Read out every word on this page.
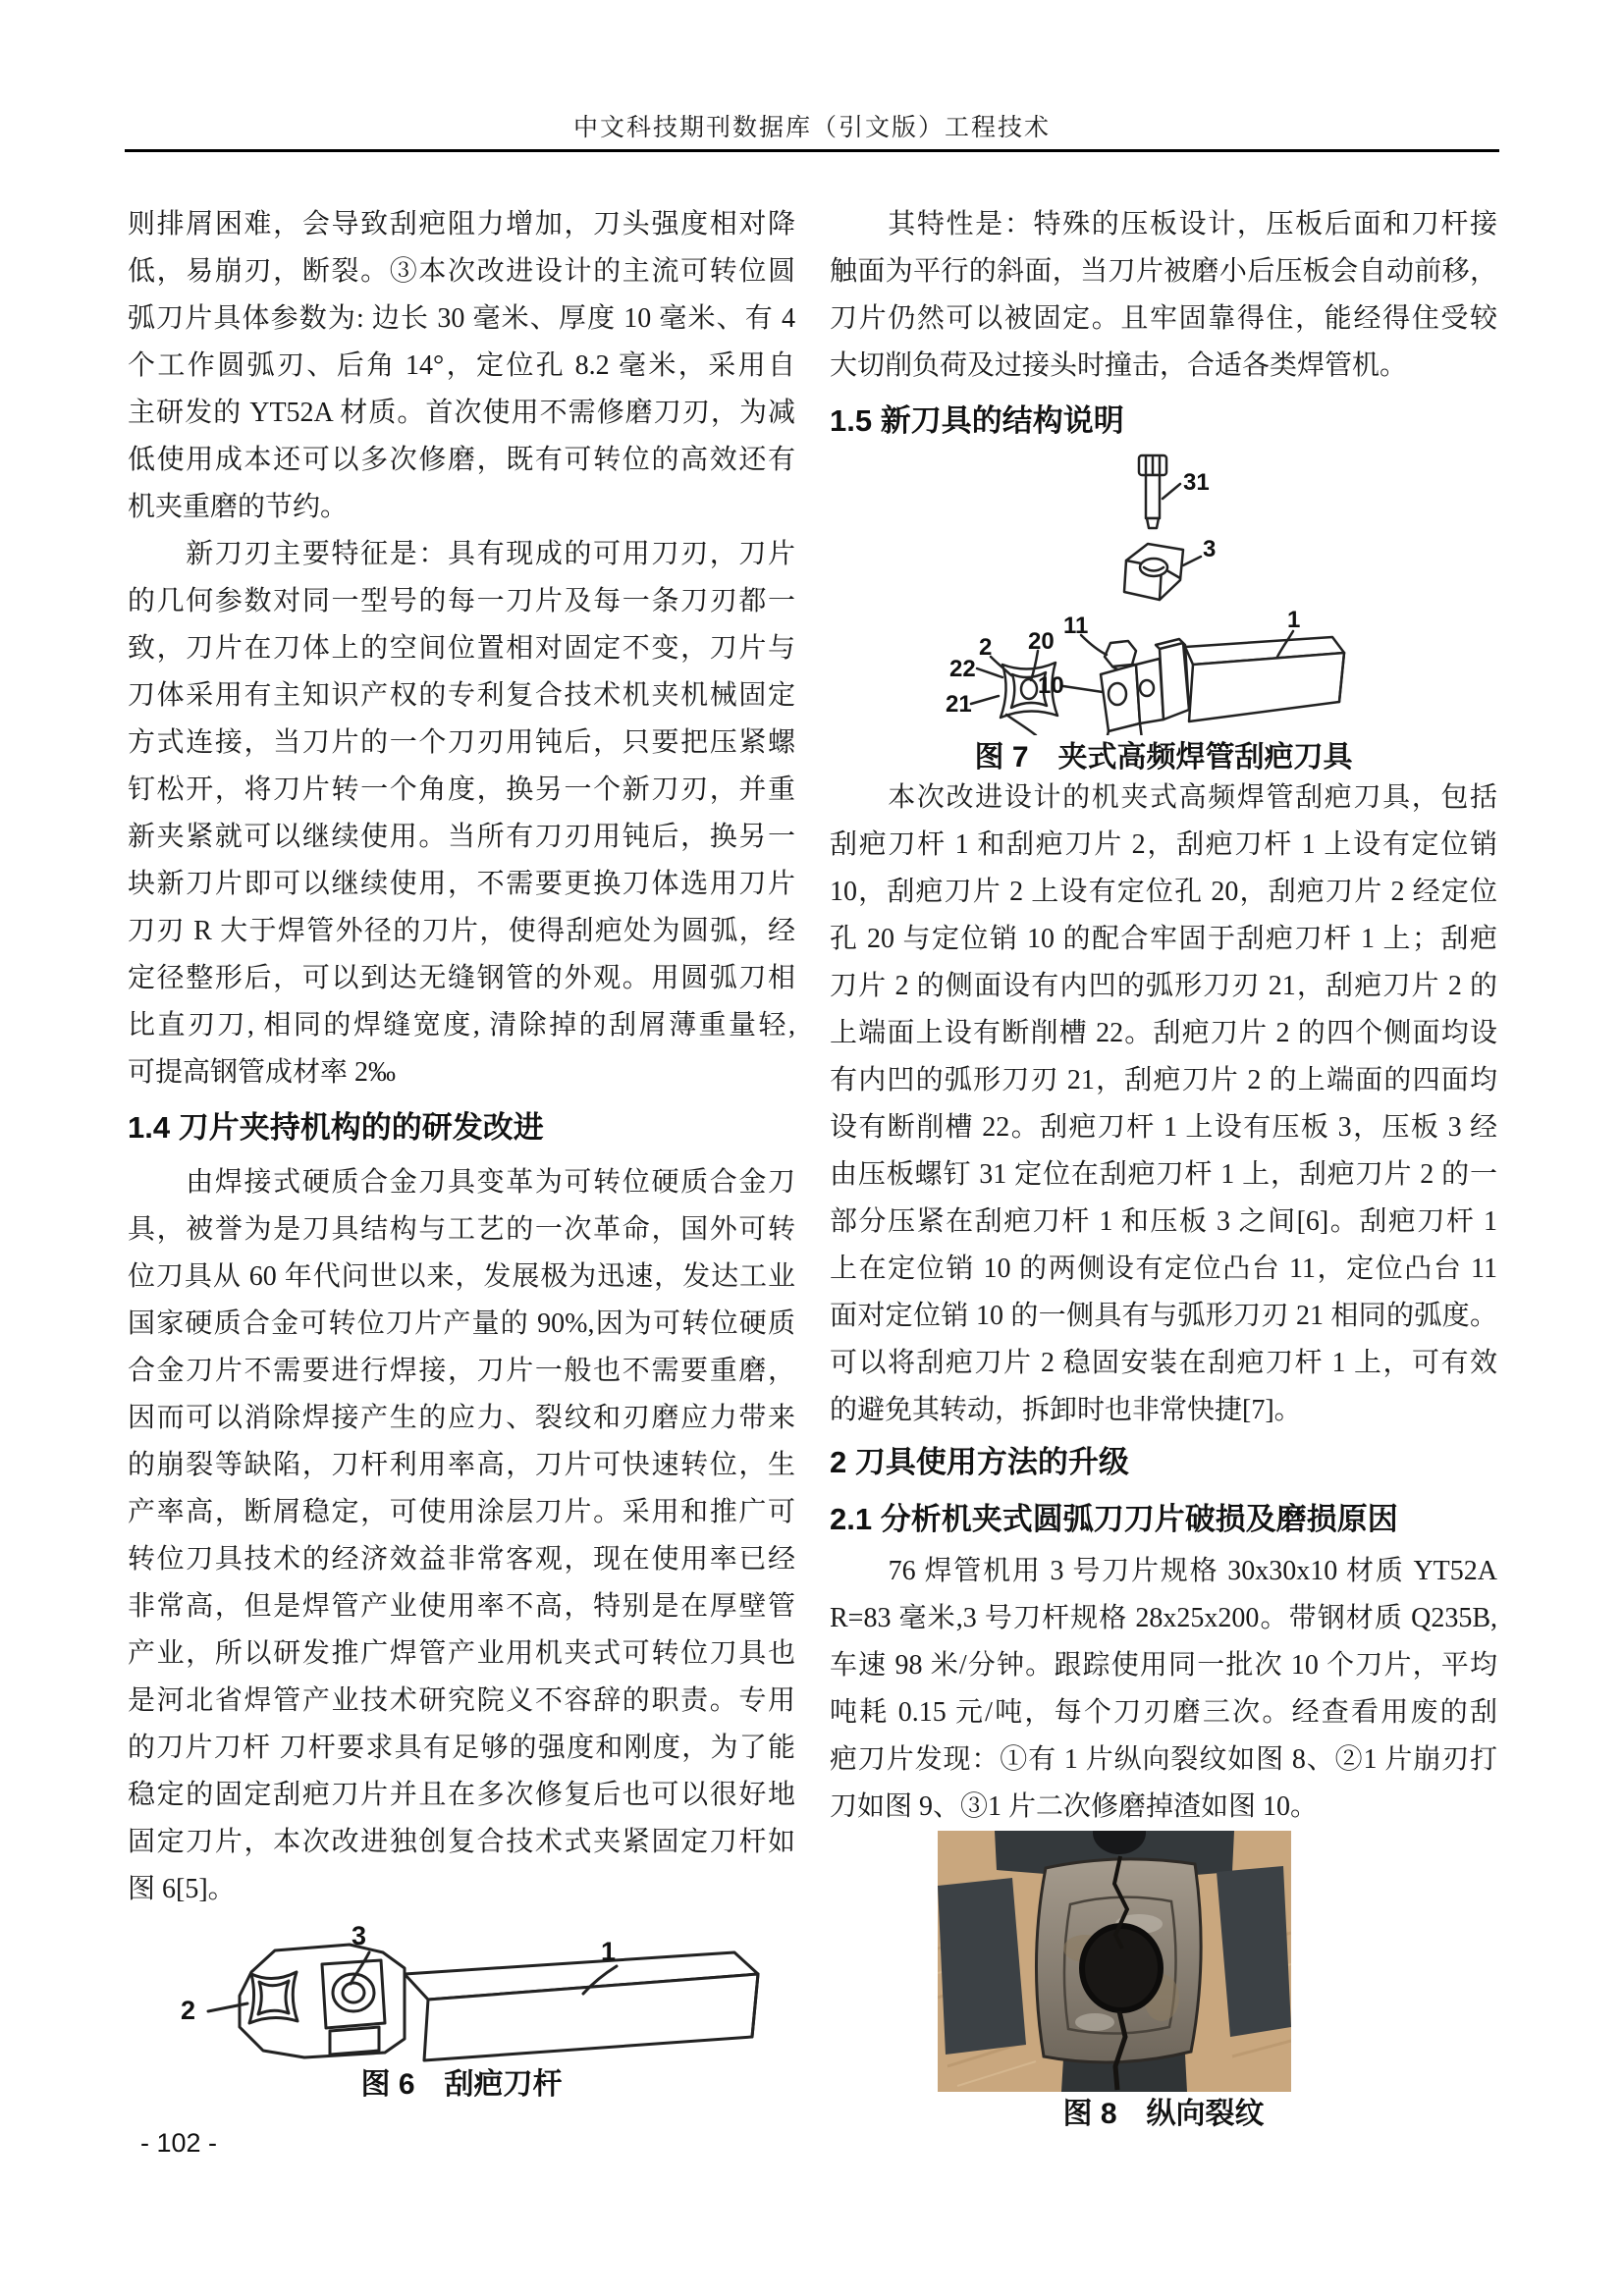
中文科技期刊数据库（引文版）工程技术
则排屑困难，会导致刮疤阻力增加，刀头强度相对降
低，易崩刃，断裂。③本次改进设计的主流可转位圆
弧刀片具体参数为: 边长 30 毫米、厚度 10 毫米、有 4
个工作圆弧刃、后角 14°，定位孔 8.2 毫米，采用自
主研发的 YT52A 材质。首次使用不需修磨刀刃，为减
低使用成本还可以多次修磨，既有可转位的高效还有
机夹重磨的节约。
　　新刀刃主要特征是：具有现成的可用刀刃，刀片
的几何参数对同一型号的每一刀片及每一条刀刃都一
致，刀片在刀体上的空间位置相对固定不变，刀片与
刀体采用有主知识产权的专利复合技术机夹机械固定
方式连接，当刀片的一个刀刃用钝后，只要把压紧螺
钉松开，将刀片转一个角度，换另一个新刀刃，并重
新夹紧就可以继续使用。当所有刀刃用钝后，换另一
块新刀片即可以继续使用，不需要更换刀体选用刀片
刀刃 R 大于焊管外径的刀片，使得刮疤处为圆弧，经
定径整形后，可以到达无缝钢管的外观。用圆弧刀相
比直刃刀, 相同的焊缝宽度, 清除掉的刮屑薄重量轻,
可提高钢管成材率 2‰
1.4 刀片夹持机构的的研发改进
　　由焊接式硬质合金刀具变革为可转位硬质合金刀
具，被誉为是刀具结构与工艺的一次革命，国外可转
位刀具从 60 年代问世以来，发展极为迅速，发达工业
国家硬质合金可转位刀片产量的 90%,因为可转位硬质
合金刀片不需要进行焊接，刀片一般也不需要重磨，
因而可以消除焊接产生的应力、裂纹和刃磨应力带来
的崩裂等缺陷，刀杆利用率高，刀片可快速转位，生
产率高，断屑稳定，可使用涂层刀片。采用和推广可
转位刀具技术的经济效益非常客观，现在使用率已经
非常高，但是焊管产业使用率不高，特别是在厚壁管
产业，所以研发推广焊管产业用机夹式可转位刀具也
是河北省焊管产业技术研究院义不容辞的职责。专用
的刀片刀杆 刀杆要求具有足够的强度和刚度，为了能
稳定的固定刮疤刀片并且在多次修复后也可以很好地
固定刀片，本次改进独创复合技术式夹紧固定刀杆如
图 6[5]。
3
1
2
图 6　刮疤刀杆
　　其特性是：特殊的压板设计，压板后面和刀杆接
触面为平行的斜面，当刀片被磨小后压板会自动前移，
刀片仍然可以被固定。且牢固靠得住，能经得住受较
大切削负荷及过接头时撞击，合适各类焊管机。
1.5 新刀具的结构说明
31
3
11
10
1
2 20
22
21
图 7　夹式高频焊管刮疤刀具
　　本次改进设计的机夹式高频焊管刮疤刀具，包括
刮疤刀杆 1 和刮疤刀片 2，刮疤刀杆 1 上设有定位销
10，刮疤刀片 2 上设有定位孔 20，刮疤刀片 2 经定位
孔 20 与定位销 10 的配合牢固于刮疤刀杆 1 上；刮疤
刀片 2 的侧面设有内凹的弧形刀刃 21，刮疤刀片 2 的
上端面上设有断削槽 22。刮疤刀片 2 的四个侧面均设
有内凹的弧形刀刃 21，刮疤刀片 2 的上端面的四面均
设有断削槽 22。刮疤刀杆 1 上设有压板 3，压板 3 经
由压板螺钉 31 定位在刮疤刀杆 1 上，刮疤刀片 2 的一
部分压紧在刮疤刀杆 1 和压板 3 之间[6]。刮疤刀杆 1
上在定位销 10 的两侧设有定位凸台 11，定位凸台 11
面对定位销 10 的一侧具有与弧形刀刃 21 相同的弧度。
可以将刮疤刀片 2 稳固安装在刮疤刀杆 1 上，可有效
的避免其转动，拆卸时也非常快捷[7]。
2 刀具使用方法的升级
2.1 分析机夹式圆弧刀刀片破损及磨损原因
　　76 焊管机用 3 号刀片规格 30x30x10 材质 YT52A
R=83 毫米,3 号刀杆规格 28x25x200。带钢材质 Q235B,
车速 98 米/分钟。跟踪使用同一批次 10 个刀片，平均
吨耗 0.15 元/吨，每个刀刃磨三次。经查看用废的刮
疤刀片发现：①有 1 片纵向裂纹如图 8、②1 片崩刃打
刀如图 9、③1 片二次修磨掉渣如图 10。
图 8　纵向裂纹
- 102 -
